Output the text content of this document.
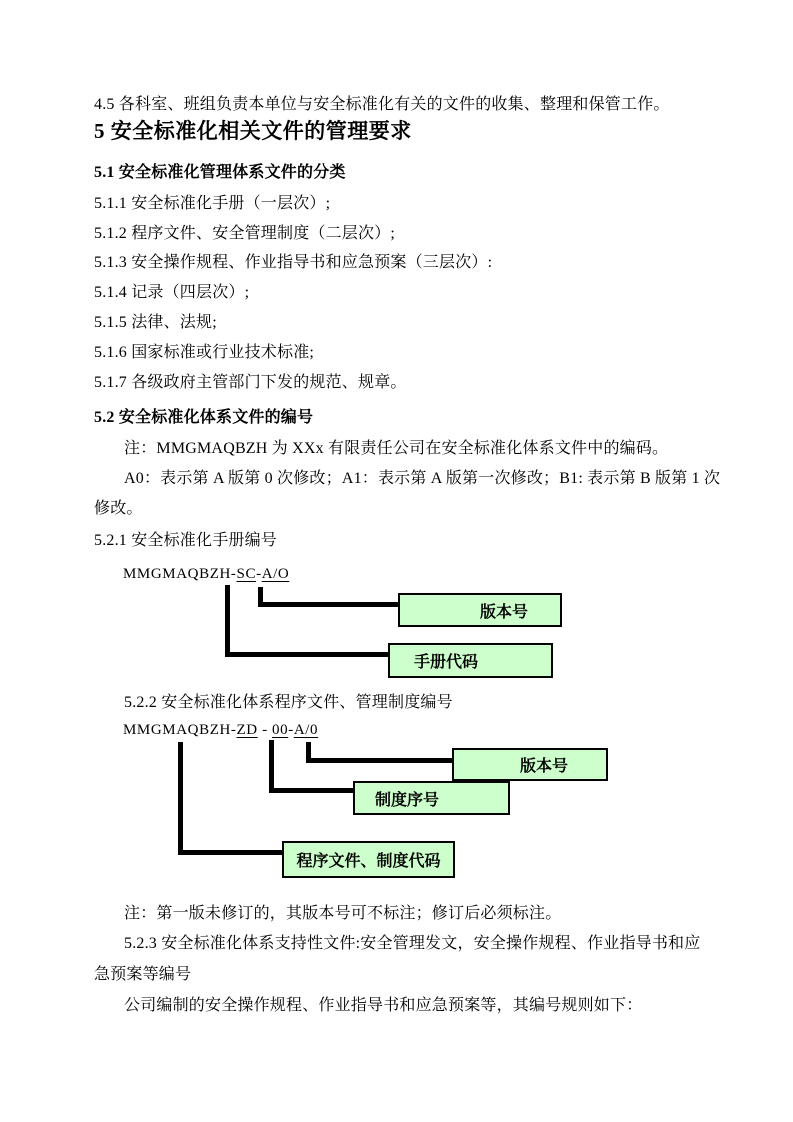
4.5 各科室、班组负责本单位与安全标准化有关的文件的收集、整理和保管工作。
5 安全标准化相关文件的管理要求
5.1 安全标准化管理体系文件的分类
5.1.1 安全标准化手册（一层次）;
5.1.2 程序文件、安全管理制度（二层次）;
5.1.3 安全操作规程、作业指导书和应急预案（三层次）:
5.1.4 记录（四层次）;
5.1.5 法律、法规;
5.1.6 国家标准或行业技术标准;
5.1.7 各级政府主管部门下发的规范、规章。
5.2 安全标准化体系文件的编号
注：MMGMAQBZH 为 XXx 有限责任公司在安全标准化体系文件中的编码。
A0：表示第 A 版第 0 次修改；A1：表示第 A 版第一次修改；B1: 表示第 B 版第 1 次
修改。
5.2.1 安全标准化手册编号
MMGMAQBZH-SC-A/O
版本号
手册代码
5.2.2 安全标准化体系程序文件、管理制度编号
MMGMAQBZH-ZD - 00-A/0
制度序号
版本号
程序文件、制度代码
注：第一版未修订的，其版本号可不标注；修订后必须标注。
5.2.3 安全标准化体系支持性文件:安全管理发文，安全操作规程、作业指导书和应
急预案等编号
公司编制的安全操作规程、作业指导书和应急预案等，其编号规则如下：
